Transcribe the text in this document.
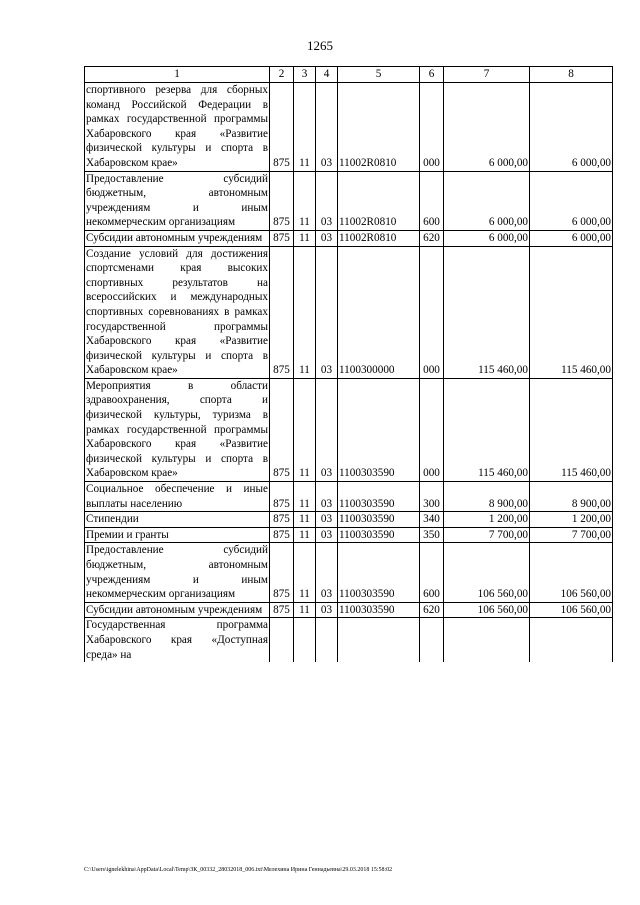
1265
1	2	3	4	5	6	7	8
спортивного резерва для сборных команд Российской Федерации в рамках государственной программы Хабаровского края «Развитие физической культуры и спорта в Хабаровском крае»	875	11	03	11002R0810	000	6 000,00	6 000,00
Предоставление субсидий бюджетным, автономным учреждениям и иным некоммерческим организациям	875	11	03	11002R0810	600	6 000,00	6 000,00
Субсидии автономным учреждениям	875	11	03	11002R0810	620	6 000,00	6 000,00
Создание условий для достижения спортсменами края высоких спортивных результатов на всероссийских и международных спортивных соревнованиях в рамках государственной программы Хабаровского края «Развитие физической культуры и спорта в Хабаровском крае»	875	11	03	1100300000	000	115 460,00	115 460,00
Мероприятия в области здравоохранения, спорта и физической культуры, туризма в рамках государственной программы Хабаровского края «Развитие физической культуры и спорта в Хабаровском крае»	875	11	03	1100303590	000	115 460,00	115 460,00
Социальное обеспечение и иные выплаты населению	875	11	03	1100303590	300	8 900,00	8 900,00
Стипендии	875	11	03	1100303590	340	1 200,00	1 200,00
Премии и гранты	875	11	03	1100303590	350	7 700,00	7 700,00
Предоставление субсидий бюджетным, автономным учреждениям и иным некоммерческим организациям	875	11	03	1100303590	600	106 560,00	106 560,00
Субсидии автономным учреждениям	875	11	03	1100303590	620	106 560,00	106 560,00
Государственная программа Хабаровского края «Доступная среда» на							
C:\Users\ignelekhina\AppData\Local\Temp\ЗК_00332_28032018_006.txt\Мелехина Ирина Геннадьевна\29.03.2018 15:58:02
